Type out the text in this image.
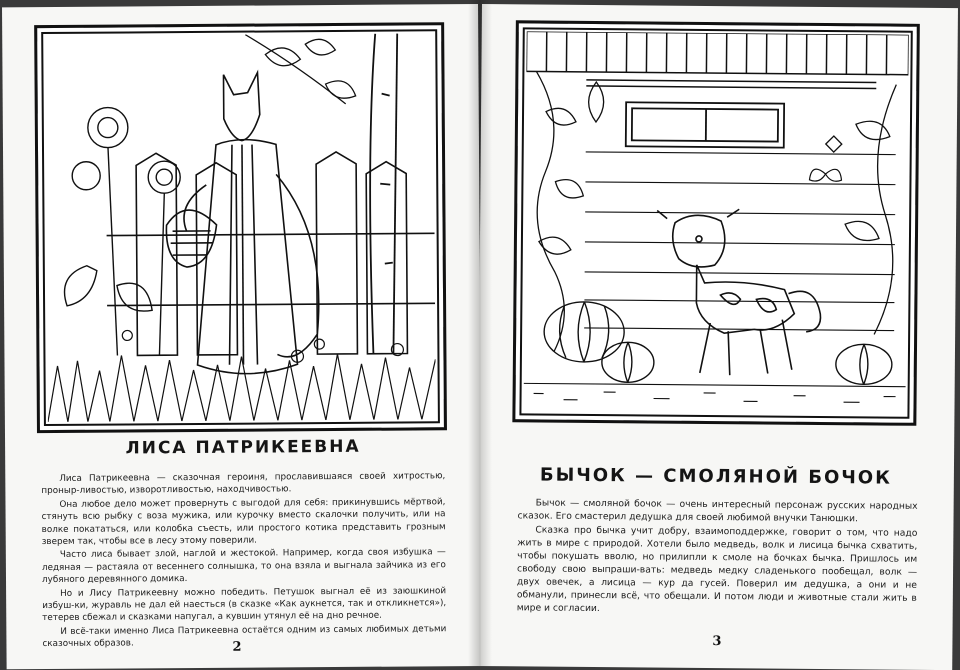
ЛИСА ПАТРИКЕЕВНА

Лиса Патрикеевна — сказочная героиня, прославившаяся своей хитростью, проныр-ливостью, изворотливостью, находчивостью.

Она любое дело может провернуть с выгодой для себя: прикинувшись мёртвой, стянуть всю рыбку с воза мужика, или курочку вместо скалочки получить, или на волке покататься, или колобка съесть, или простого котика представить грозным зверем так, чтобы все в лесу этому поверили.

Часто лиса бывает злой, наглой и жестокой. Например, когда своя избушка — ледяная — растаяла от весеннего солнышка, то она взяла и выгнала зайчика из его лубяного деревянного домика.

Но и Лису Патрикеевну можно победить. Петушок выгнал её из заюшкиной избуш-ки, журавль не дал ей наесться (в сказке «Как аукнется, так и откликнется»), тетерев сбежал и сказками напугал, а кувшин утянул её на дно речное.

И всё-таки именно Лиса Патрикеевна остаётся одним из самых любимых детьми сказочных образов.	2
БЫЧОК — СМОЛЯНОЙ БОЧОК

Бычок — смоляной бочок — очень интересный персонаж русских народных сказок. Его смастерил дедушка для своей любимой внучки Танюшки.

Сказка про бычка учит добру, взаимоподдержке, говорит о том, что надо жить в мире с природой. Хотели было медведь, волк и лисица бычка схватить, чтобы покушать вволю, но прилипли к смоле на бочках бычка. Пришлось им свободу свою выпраши-вать: медведь медку сладенького пообещал, волк — двух овечек, а лисица — кур да гусей. Поверил им дедушка, а они и не обманули, принесли всё, что обещали. И потом люди и животные стали жить в мире и согласии.

3
